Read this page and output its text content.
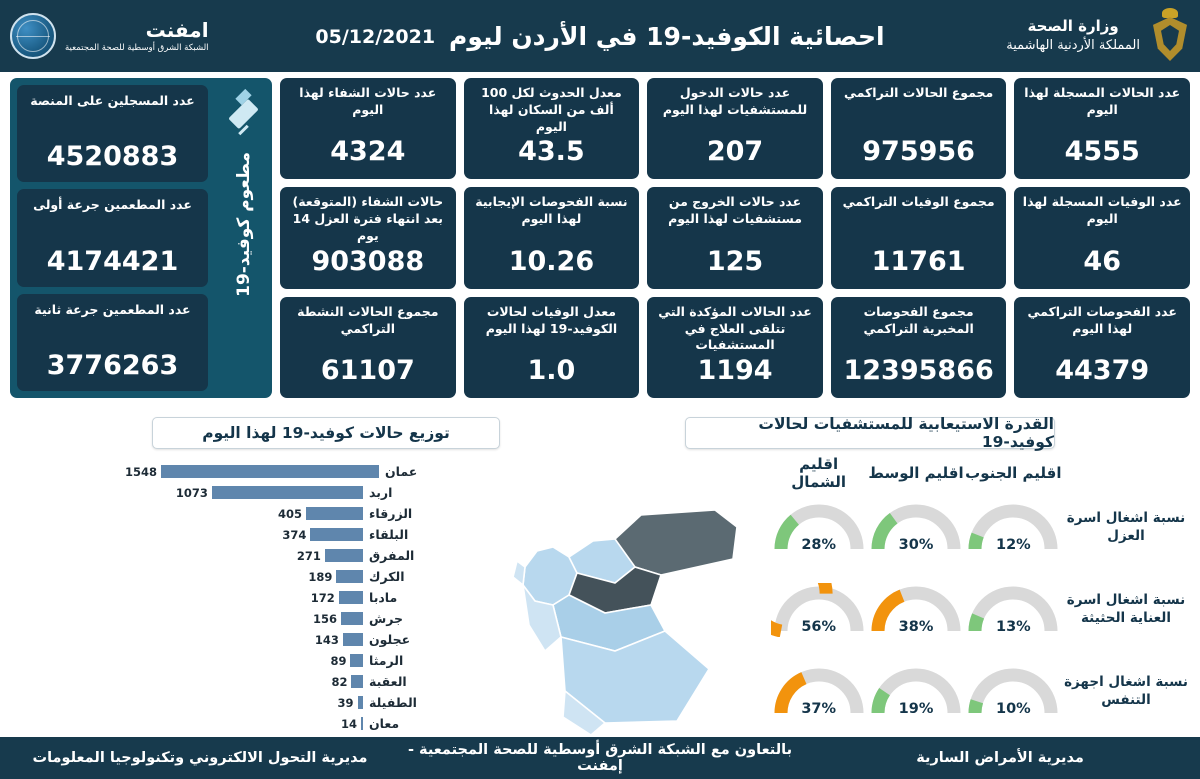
وزارة الصحة
المملكة الأردنية الهاشمية
احصائية الكوفيد-19 في الأردن ليوم
05/12/2021
امفنت
الشبكة الشرق أوسطية للصحة المجتمعية
عدد الحالات المسجلة لهذا اليوم
4555
مجموع الحالات التراكمي
975956
عدد حالات الدخول للمستشفيات لهذا اليوم
207
معدل الحدوث لكل 100 ألف من السكان لهذا اليوم
43.5
عدد حالات الشفاء لهذا اليوم
4324
عدد الوفيات المسجلة لهذا اليوم
46
مجموع الوفيات التراكمي
11761
عدد حالات الخروج من مستشفيات لهذا اليوم
125
نسبة الفحوصات الإيجابية لهذا اليوم
10.26
حالات الشفاء (المتوقعة) بعد انتهاء فترة العزل 14 يوم
903088
عدد الفحوصات التراكمي لهذا اليوم
44379
مجموع الفحوصات المخبرية التراكمي
12395866
عدد الحالات المؤكدة التي تتلقى العلاج في المستشفيات
1194
معدل الوفيات لحالات الكوفيد-19 لهذا اليوم
1.0
مجموع الحالات النشطة التراكمي
61107
مطعوم كوفيد-19
عدد المسجلين على المنصة
4520883
عدد المطعمين جرعة أولى
4174421
عدد المطعمين جرعة ثانية
3776263
توزيع حالات كوفيد-19 لهذا اليوم	القدرة الاستيعابية للمستشفيات لحالات كوفيد-19
عمان
1548
اربد
1073
الزرقاء
405
البلقاء
374
المفرق
271
الكرك
189
مادبا
172
جرش
156
عجلون
143
الرمثا
89
العقبة
82
الطفيلة
39
معان
14
اقليم الجنوب
اقليم الوسط
اقليم الشمال
نسبة اشغال اسرة العزل
12%
30%
28%
نسبة اشغال اسرة العناية الحثيثة
13%
38%
56%
نسبة اشغال اجهزة التنفس
10%
19%
37%
مديرية الأمراض السارية
بالتعاون مع الشبكة الشرق أوسطية للصحة المجتمعية - إمفنت
مديرية التحول الالكتروني وتكنولوجيا المعلومات
